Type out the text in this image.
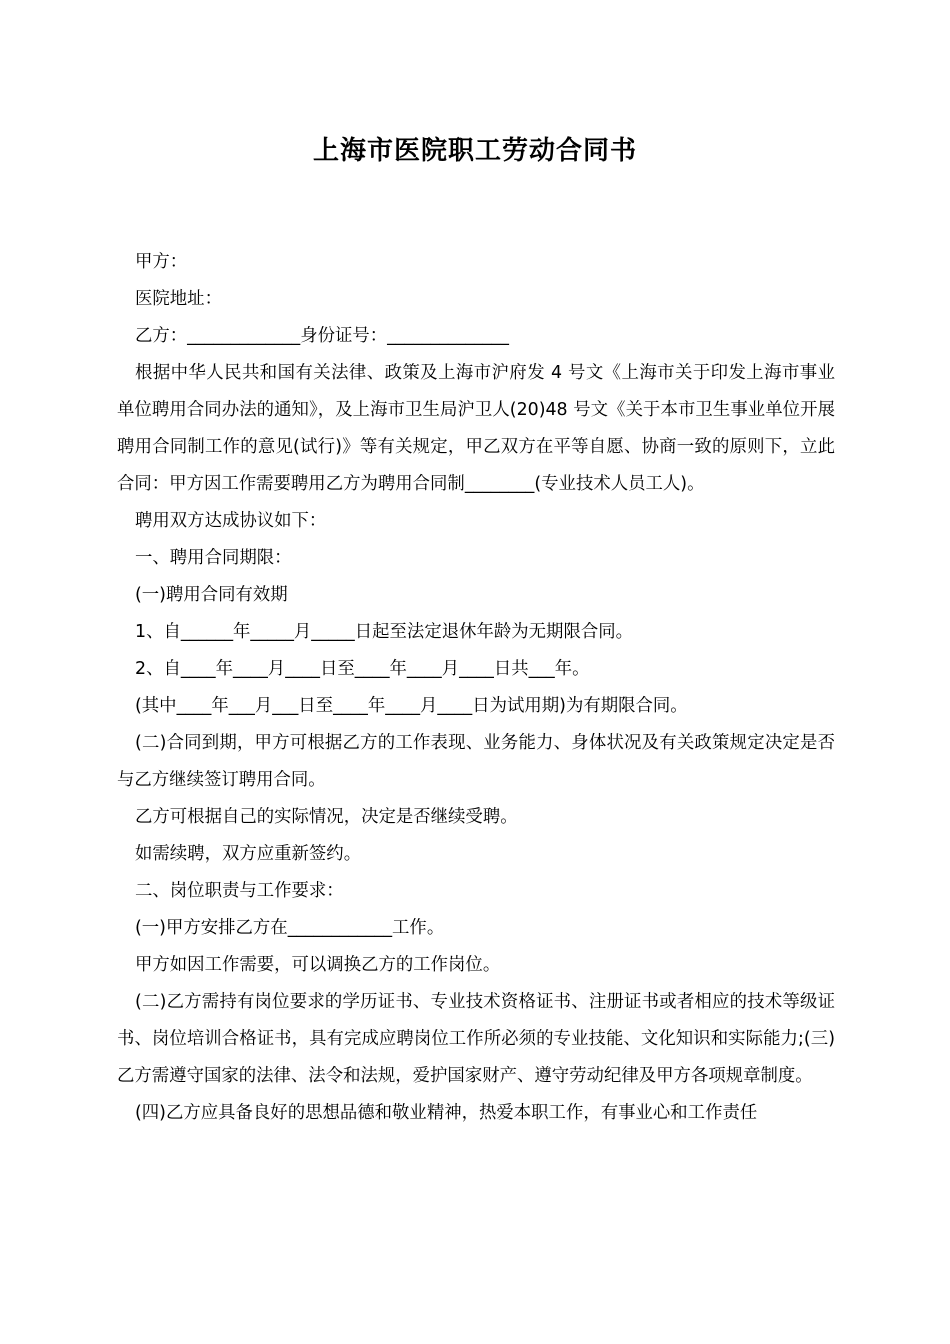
上海市医院职工劳动合同书

甲方：

医院地址：

乙方：_____________身份证号：______________

根据中华人民共和国有关法律、政策及上海市沪府发 4 号文《上海市关于印发上海市事业单位聘用合同办法的通知》，及上海市卫生局沪卫人(20)48 号文《关于本市卫生事业单位开展聘用合同制工作的意见(试行)》等有关规定，甲乙双方在平等自愿、协商一致的原则下，立此合同：甲方因工作需要聘用乙方为聘用合同制________(专业技术人员工人)。

聘用双方达成协议如下：

一、聘用合同期限：

(一)聘用合同有效期

1、自______年_____月_____日起至法定退休年龄为无期限合同。

2、自____年____月____日至____年____月____日共___年。

(其中____年___月___日至____年____月____日为试用期)为有期限合同。

(二)合同到期，甲方可根据乙方的工作表现、业务能力、身体状况及有关政策规定决定是否与乙方继续签订聘用合同。

乙方可根据自己的实际情况，决定是否继续受聘。

如需续聘，双方应重新签约。

二、岗位职责与工作要求：

(一)甲方安排乙方在____________工作。

甲方如因工作需要，可以调换乙方的工作岗位。

(二)乙方需持有岗位要求的学历证书、专业技术资格证书、注册证书或者相应的技术等级证书、岗位培训合格证书，具有完成应聘岗位工作所必须的专业技能、文化知识和实际能力;(三)乙方需遵守国家的法律、法令和法规，爱护国家财产、遵守劳动纪律及甲方各项规章制度。

(四)乙方应具备良好的思想品德和敬业精神，热爱本职工作，有事业心和工作责任
